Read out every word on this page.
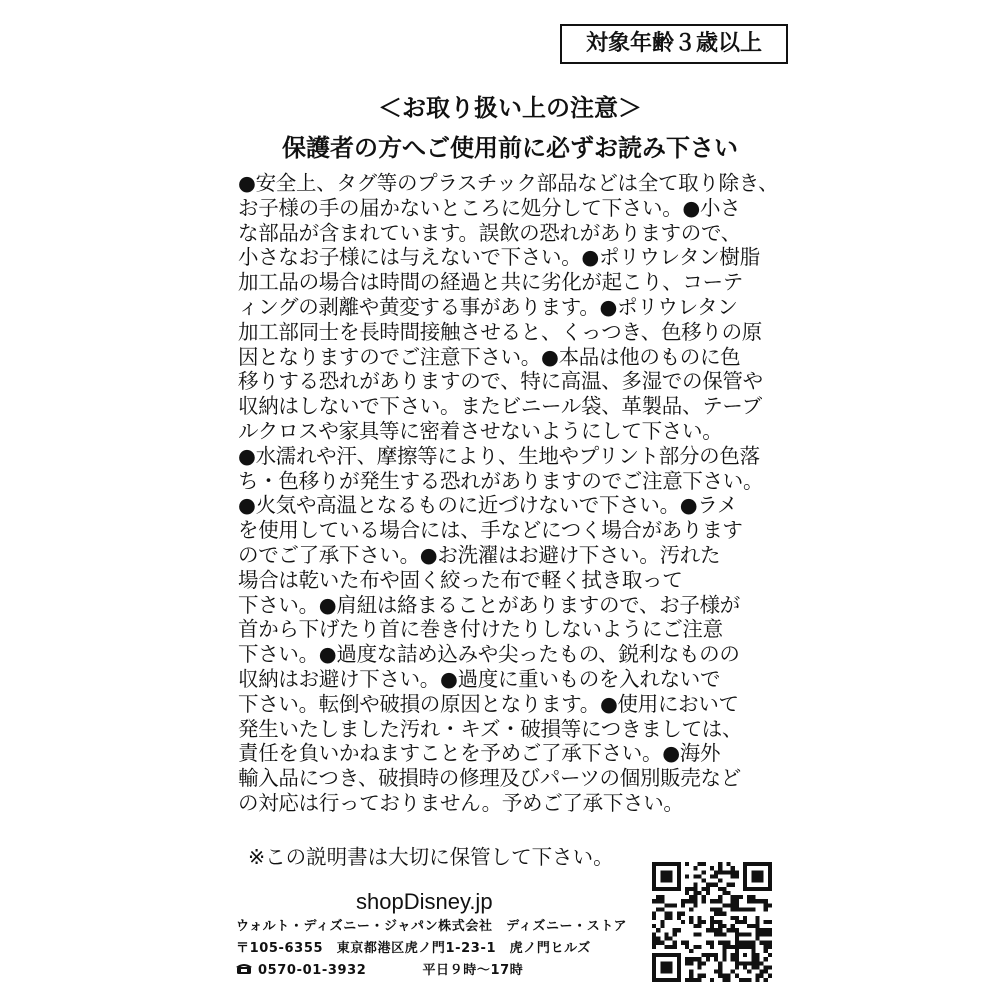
対象年齢３歳以上
＜お取り扱い上の注意＞
保護者の方へご使用前に必ずお読み下さい
●安全上、タグ等のプラスチック部品などは全て取り除き、
お子様の手の届かないところに処分して下さい。●小さ
な部品が含まれています。誤飲の恐れがありますので、
小さなお子様には与えないで下さい。●ポリウレタン樹脂
加工品の場合は時間の経過と共に劣化が起こり、コーテ
ィングの剥離や黄変する事があります。●ポリウレタン
加工部同士を長時間接触させると、くっつき、色移りの原
因となりますのでご注意下さい。●本品は他のものに色
移りする恐れがありますので、特に高温、多湿での保管や
収納はしないで下さい。またビニール袋、革製品、テーブ
ルクロスや家具等に密着させないようにして下さい。
●水濡れや汗、摩擦等により、生地やプリント部分の色落
ち・色移りが発生する恐れがありますのでご注意下さい。
●火気や高温となるものに近づけないで下さい。●ラメ
を使用している場合には、手などにつく場合があります
のでご了承下さい。●お洗濯はお避け下さい。汚れた
場合は乾いた布や固く絞った布で軽く拭き取って
下さい。●肩紐は絡まることがありますので、お子様が
首から下げたり首に巻き付けたりしないようにご注意
下さい。●過度な詰め込みや尖ったもの、鋭利なものの
収納はお避け下さい。●過度に重いものを入れないで
下さい。転倒や破損の原因となります。●使用において
発生いたしました汚れ・キズ・破損等につきましては、
責任を負いかねますことを予めご了承下さい。●海外
輸入品につき、破損時の修理及びパーツの個別販売など
の対応は行っておりません。予めご了承下さい。
※この説明書は大切に保管して下さい。
shopDisney.jp
ウォルト・ディズニー・ジャパン株式会社　ディズニー・ストア
〒105-6355　東京都港区虎ノ門1-23-1　虎ノ門ヒルズ
0570-01-3932	平日９時～17時
